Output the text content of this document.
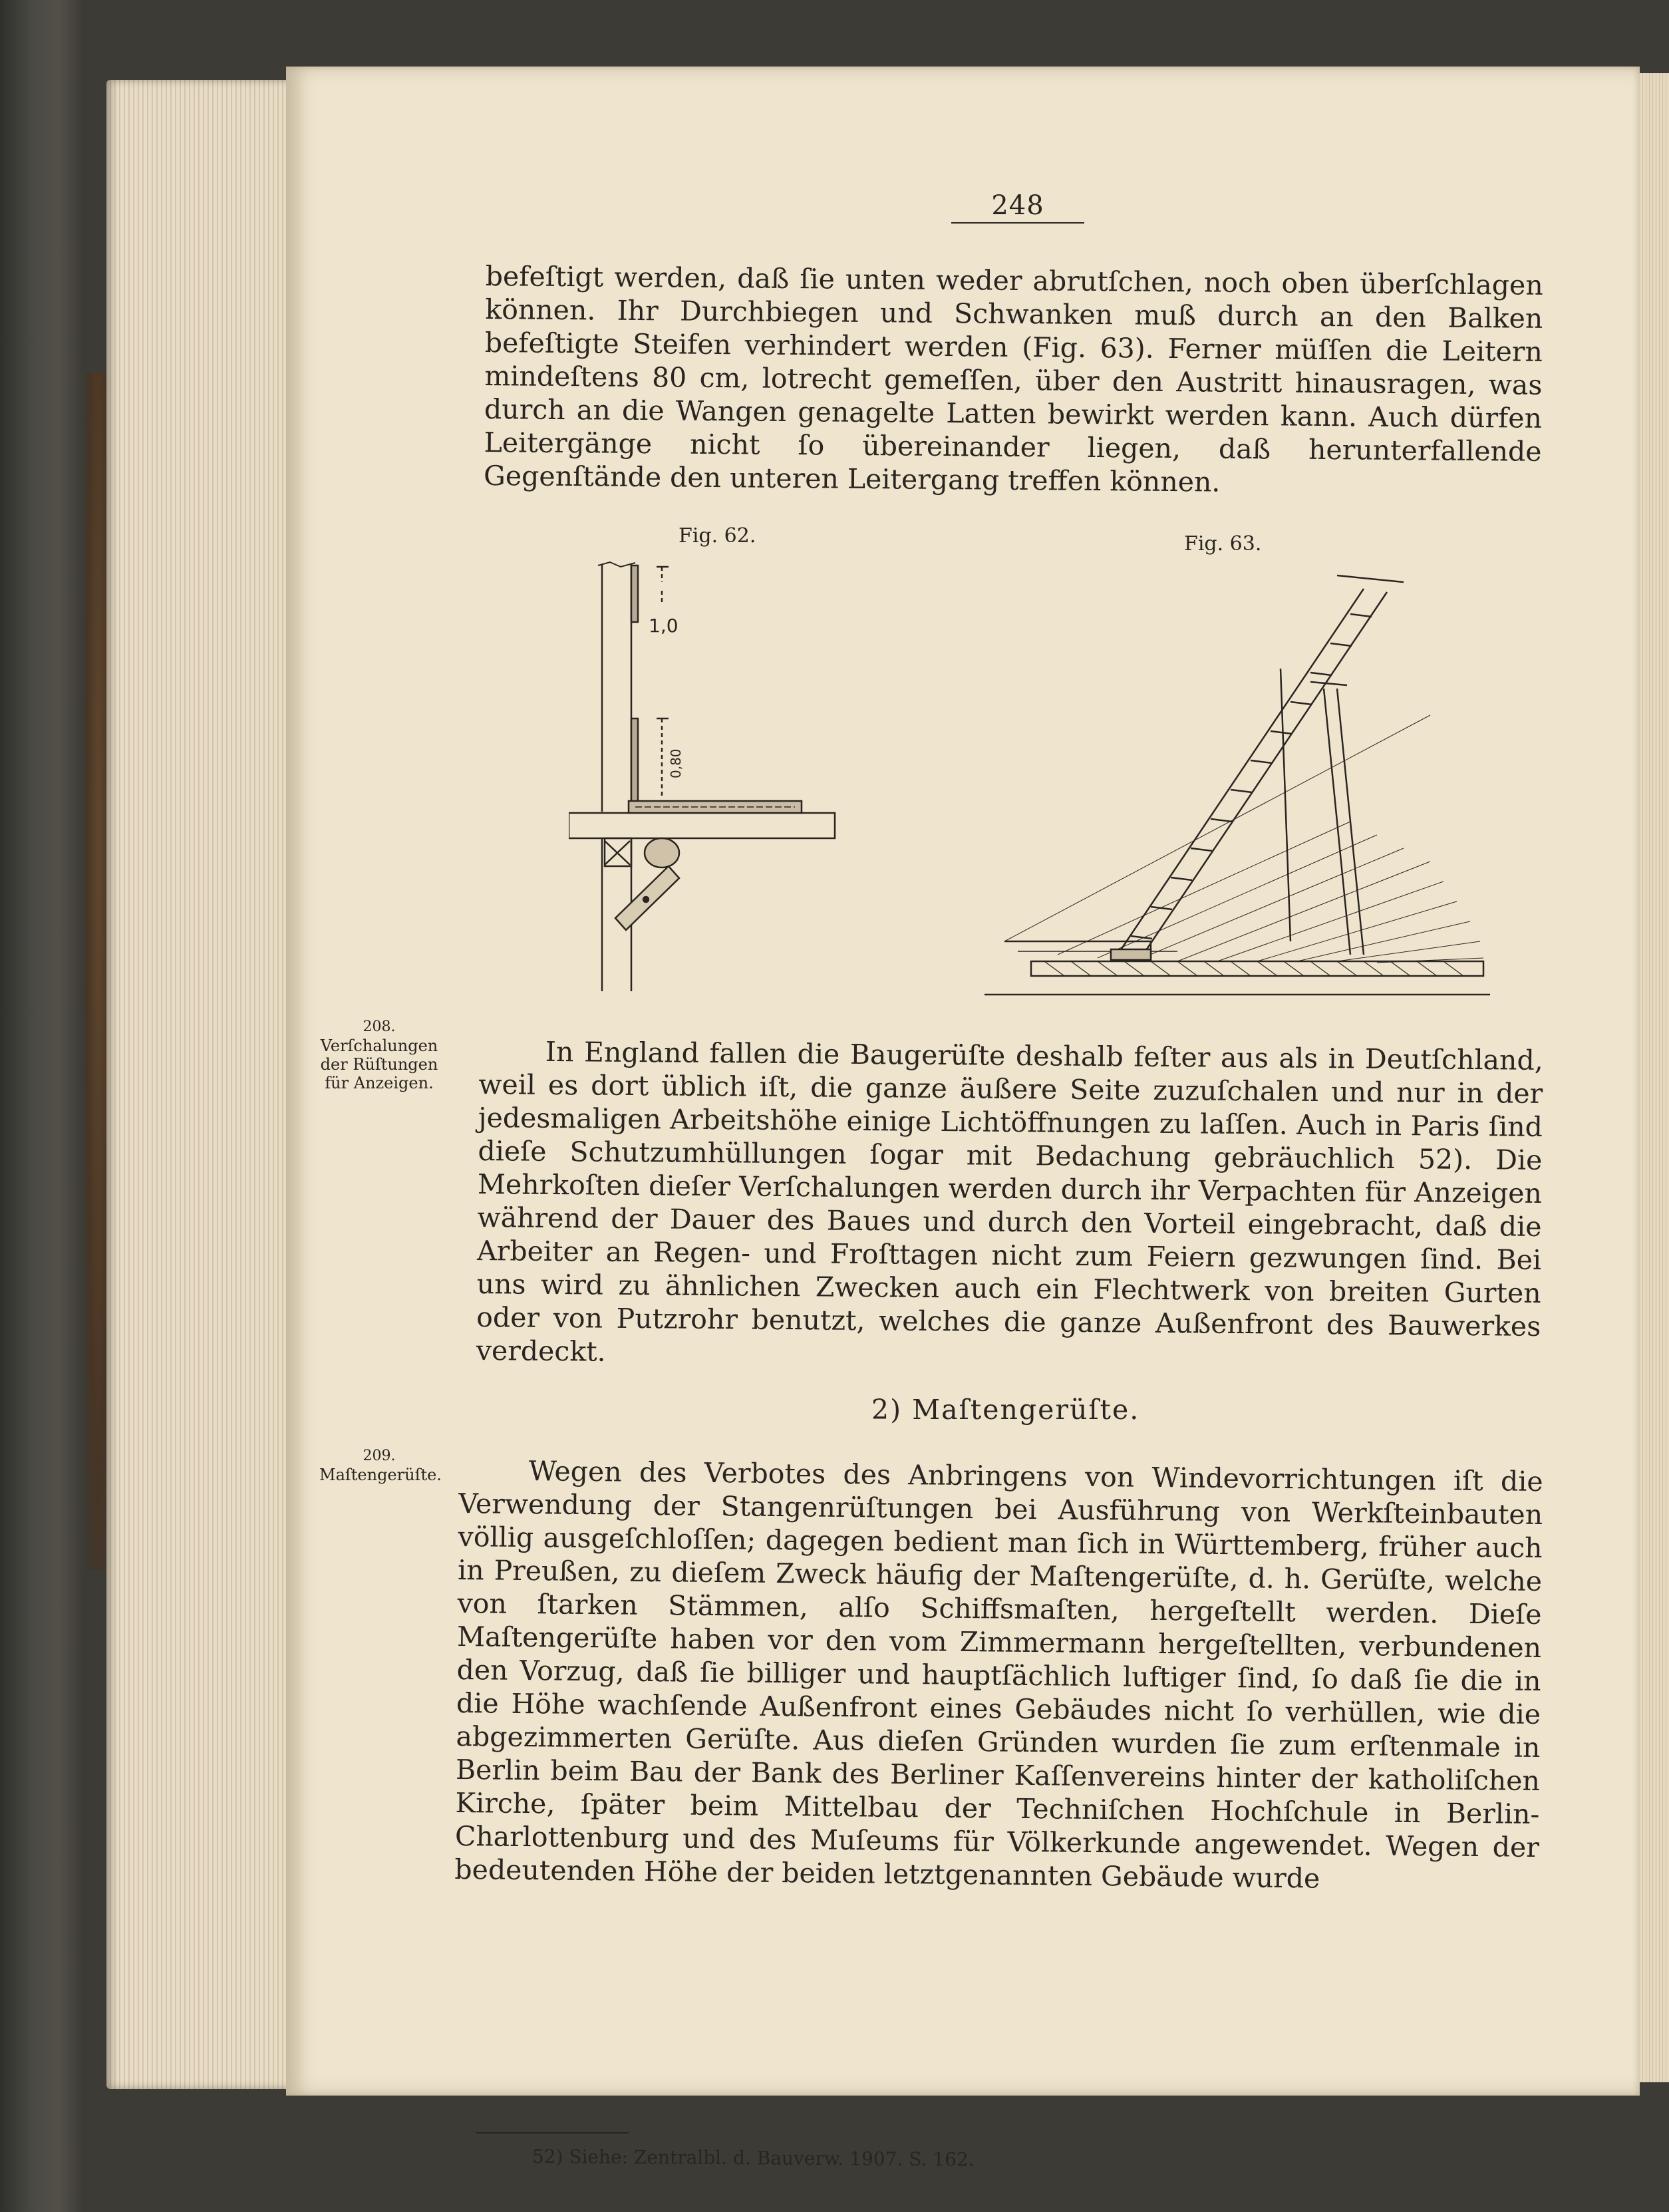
248

befeſtigt werden, daß ſie unten weder abrutſchen, noch oben überſchlagen können. Ihr Durchbiegen und Schwanken muß durch an den Balken befeſtigte Steifen verhindert werden (Fig. 63). Ferner müſſen die Leitern mindeſtens 80 cm, lotrecht gemeſſen, über den Austritt hinausragen, was durch an die Wangen genagelte Latten bewirkt werden kann. Auch dürfen Leitergänge nicht ſo übereinander liegen, daß herunterfallende Gegenſtände den unteren Leitergang treffen können.

Fig. 62.	Fig. 63.

1,0
0,80

208.
Verſchalungen der Rüſtungen für Anzeigen.

In England fallen die Baugerüſte deshalb feſter aus als in Deutſchland, weil es dort üblich iſt, die ganze äußere Seite zuzuſchalen und nur in der jedesmaligen Arbeitshöhe einige Lichtöffnungen zu laſſen. Auch in Paris ſind dieſe Schutzumhüllungen ſogar mit Bedachung gebräuchlich 52). Die Mehrkoſten dieſer Verſchalungen werden durch ihr Verpachten für Anzeigen während der Dauer des Baues und durch den Vorteil eingebracht, daß die Arbeiter an Regen- und Froſttagen nicht zum Feiern gezwungen ſind. Bei uns wird zu ähnlichen Zwecken auch ein Flechtwerk von breiten Gurten oder von Putzrohr benutzt, welches die ganze Außenfront des Bauwerkes verdeckt.

2) Maſtengerüſte.

209.
Maſtengerüſte.	Wegen des Verbotes des Anbringens von Windevorrichtungen iſt die Verwendung der Stangenrüſtungen bei Ausführung von Werkſteinbauten völlig ausgeſchloſſen; dagegen bedient man ſich in Württemberg, früher auch in Preußen, zu dieſem Zweck häufig der Maſtengerüſte, d. h. Gerüſte, welche von ſtarken Stämmen, alſo Schiffsmaſten, hergeſtellt werden. Dieſe Maſtengerüſte haben vor den vom Zimmermann hergeſtellten, verbundenen den Vorzug, daß ſie billiger und hauptſächlich luftiger ſind, ſo daß ſie die in die Höhe wachſende Außenfront eines Gebäudes nicht ſo verhüllen, wie die abgezimmerten Gerüſte. Aus dieſen Gründen wurden ſie zum erſtenmale in Berlin beim Bau der Bank des Berliner Kaſſenvereins hinter der katholiſchen Kirche, ſpäter beim Mittelbau der Techniſchen Hochſchule in Berlin-Charlottenburg und des Muſeums für Völkerkunde angewendet. Wegen der bedeutenden Höhe der beiden letztgenannten Gebäude wurde

52) Siehe: Zentralbl. d. Bauverw. 1907. S. 162.
